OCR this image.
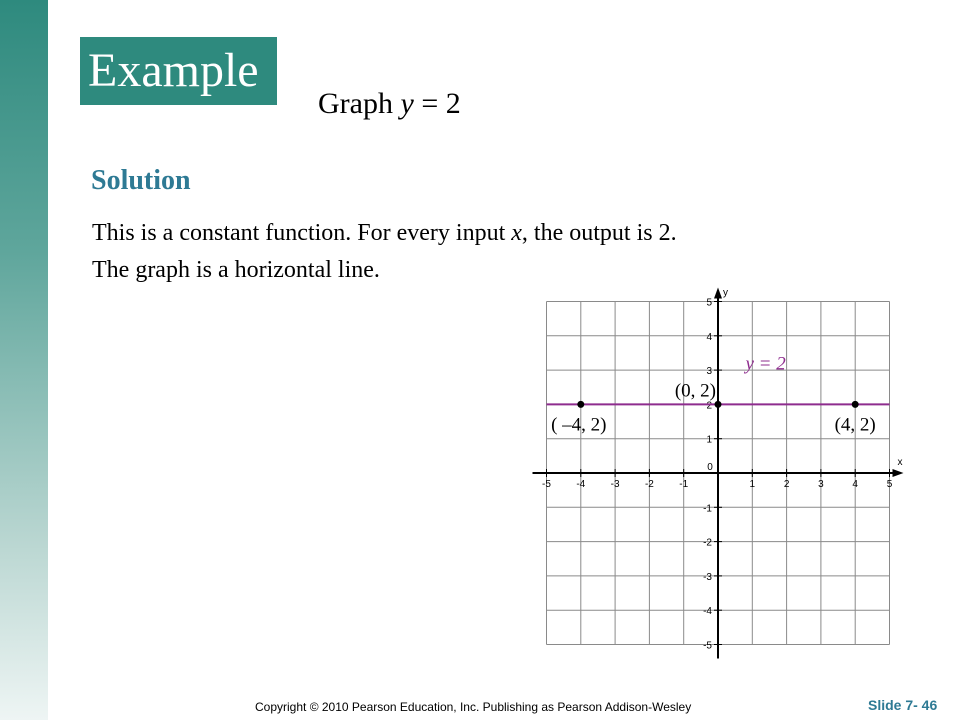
Example
Graph y = 2
Solution
This is a constant function. For every input x, the output is 2.
The graph is a horizontal line.
x
y
-5	-4	-3	-2	-1
0
1	2	3	4	5
5
4
3
2
1
-1
-2
-3
-4
-5
y = 2
( –4, 2)
(0, 2)
(4, 2)
Copyright © 2010 Pearson Education, Inc. Publishing as Pearson Addison-Wesley	Slide 7- 46
